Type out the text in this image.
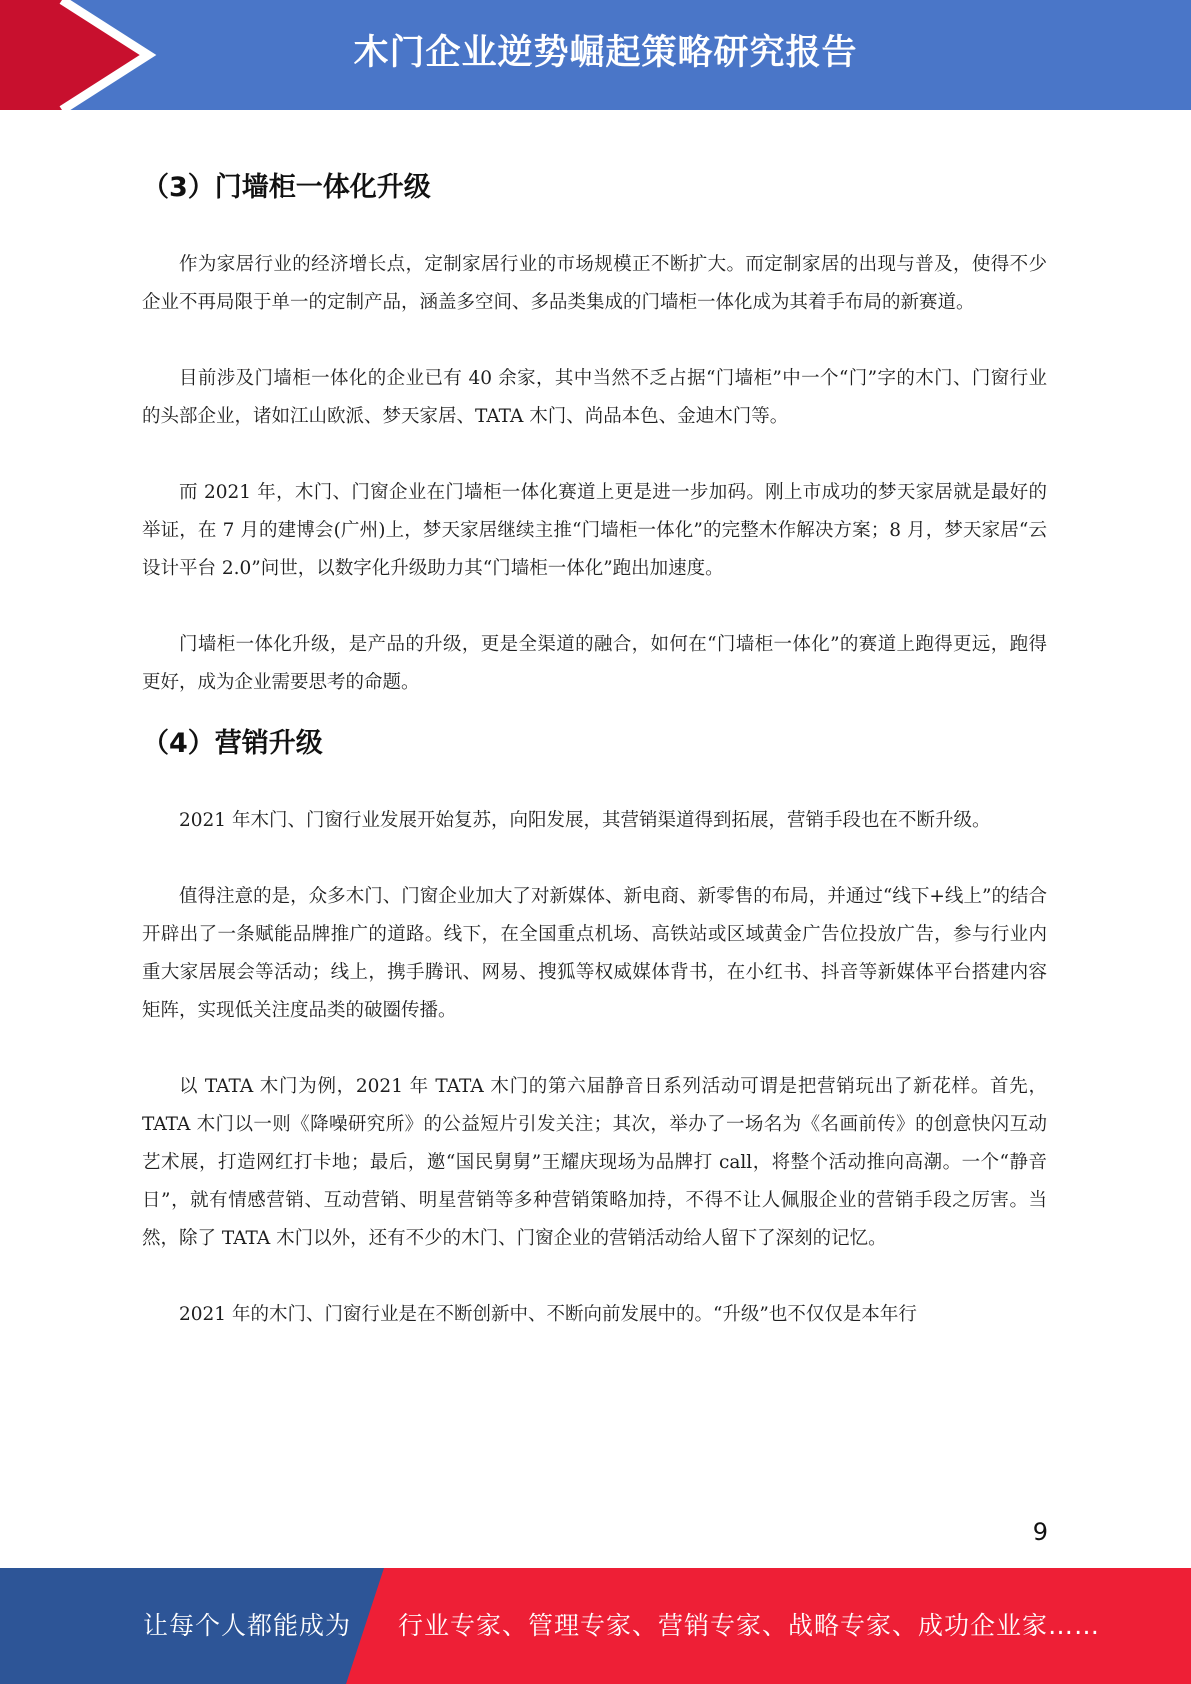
木门企业逆势崛起策略研究报告
（3）门墙柜一体化升级

作为家居行业的经济增长点，定制家居行业的市场规模正不断扩大。而定制家居的出现与普及，使得不少企业不再局限于单一的定制产品，涵盖多空间、多品类集成的门墙柜一体化成为其着手布局的新赛道。

目前涉及门墙柜一体化的企业已有 40 余家，其中当然不乏占据“门墙柜”中一个“门”字的木门、门窗行业的头部企业，诸如江山欧派、梦天家居、TATA 木门、尚品本色、金迪木门等。

而 2021 年，木门、门窗企业在门墙柜一体化赛道上更是进一步加码。刚上市成功的梦天家居就是最好的举证，在 7 月的建博会(广州)上，梦天家居继续主推“门墙柜一体化”的完整木作解决方案；8 月，梦天家居“云设计平台 2.0”问世，以数字化升级助力其“门墙柜一体化”跑出加速度。

门墙柜一体化升级，是产品的升级，更是全渠道的融合，如何在“门墙柜一体化”的赛道上跑得更远，跑得更好，成为企业需要思考的命题。

（4）营销升级

2021 年木门、门窗行业发展开始复苏，向阳发展，其营销渠道得到拓展，营销手段也在不断升级。

值得注意的是，众多木门、门窗企业加大了对新媒体、新电商、新零售的布局，并通过“线下+线上”的结合开辟出了一条赋能品牌推广的道路。线下，在全国重点机场、高铁站或区域黄金广告位投放广告，参与行业内重大家居展会等活动；线上，携手腾讯、网易、搜狐等权威媒体背书，在小红书、抖音等新媒体平台搭建内容矩阵，实现低关注度品类的破圈传播。

以 TATA 木门为例，2021 年 TATA 木门的第六届静音日系列活动可谓是把营销玩出了新花样。首先，TATA 木门以一则《降噪研究所》的公益短片引发关注；其次，举办了一场名为《名画前传》的创意快闪互动艺术展，打造网红打卡地；最后，邀“国民舅舅”王耀庆现场为品牌打 call，将整个活动推向高潮。一个“静音日”，就有情感营销、互动营销、明星营销等多种营销策略加持，不得不让人佩服企业的营销手段之厉害。当然，除了 TATA 木门以外，还有不少的木门、门窗企业的营销活动给人留下了深刻的记忆。

2021 年的木门、门窗行业是在不断创新中、不断向前发展中的。“升级”也不仅仅是本年行

9
让每个人都能成为 行业专家、管理专家、营销专家、战略专家、成功企业家……
